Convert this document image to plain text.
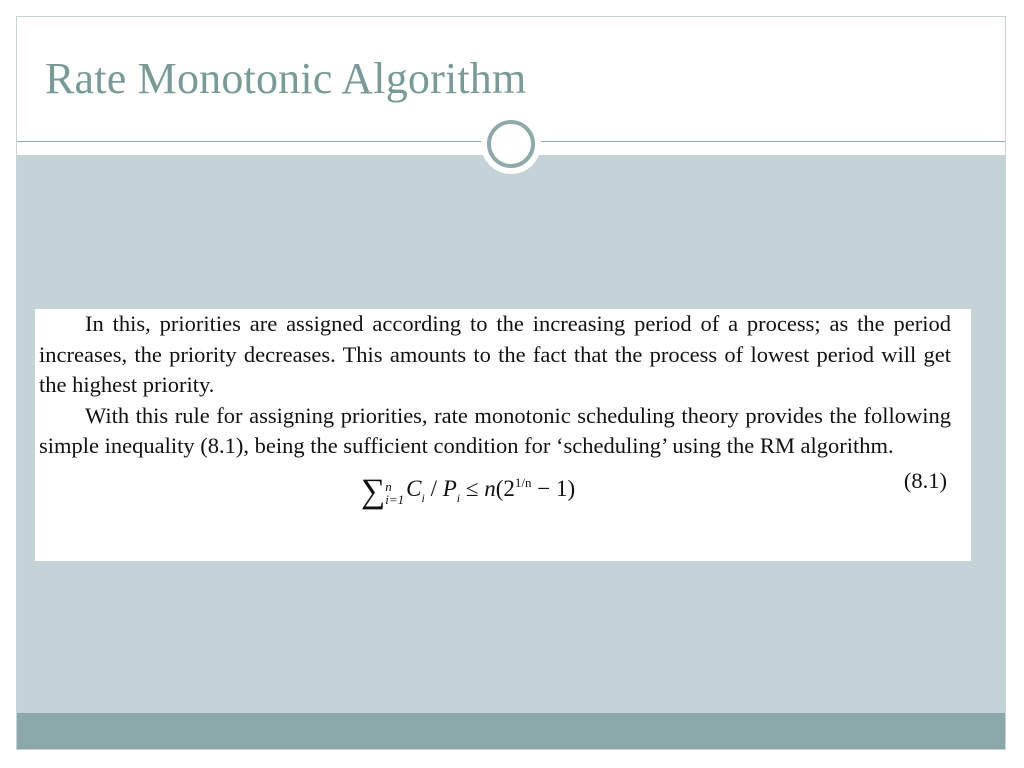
Rate Monotonic Algorithm

In this, priorities are assigned according to the increasing period of a process; as the period increases, the priority decreases. This amounts to the fact that the process of lowest period will get the highest priority.

With this rule for assigning priorities, rate monotonic scheduling theory provides the following simple inequality (8.1), being the sufficient condition for ‘scheduling’ using the RM algorithm.

∑ n
i=1 $C_i / P_i \le n(2^{1/n} - 1)$	(8.1)
